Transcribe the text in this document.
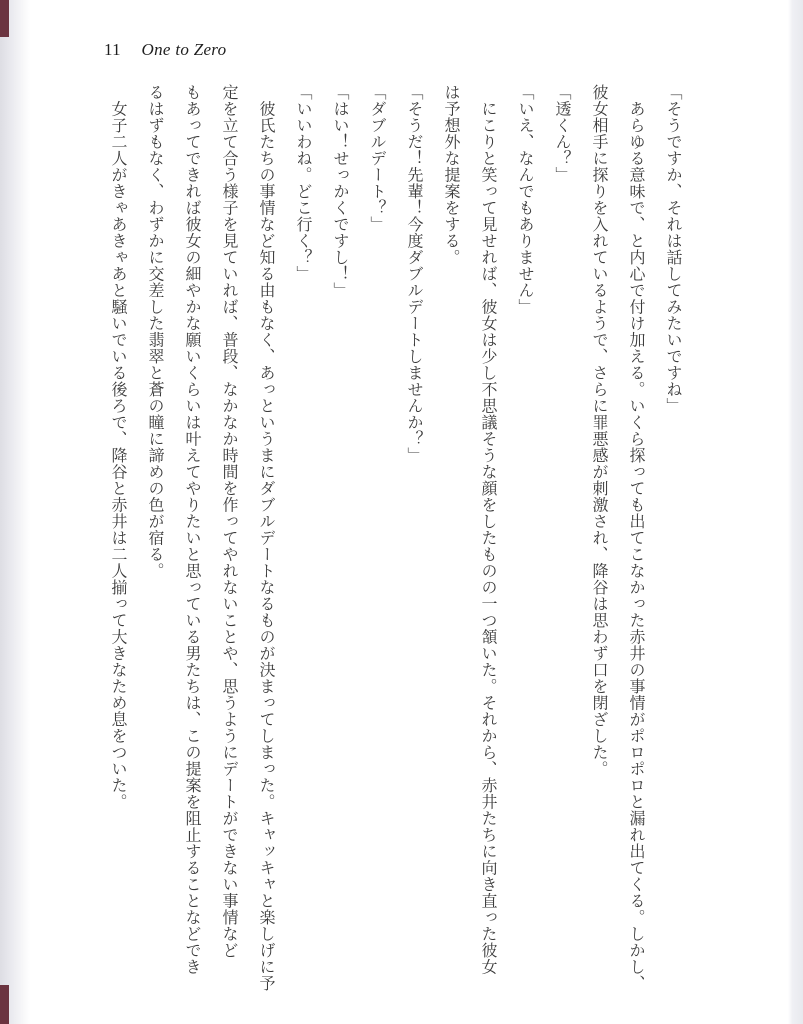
11 One to Zero

「そうですか、それは話してみたいですね」

　あらゆる意味で、と内心で付け加える。いくら探っても出てこなかった赤井の事情がポロポロと漏れ出てくる。しかし、

彼女相手に探りを入れているようで、さらに罪悪感が刺激され、降谷は思わず口を閉ざした。

「透くん？」

「いえ、なんでもありません」

　にこりと笑って見せれば、彼女は少し不思議そうな顔をしたものの一つ頷いた。それから、赤井たちに向き直った彼女

は予想外な提案をする。

「そうだ！先輩！今度ダブルデートしませんか？」

「ダブルデート？」

「はい！せっかくですし！」

「いいわね。どこ行く？」

　彼氏たちの事情など知る由もなく、あっというまにダブルデートなるものが決まってしまった。キャッキャと楽しげに予

定を立て合う様子を見ていれば、普段、なかなか時間を作ってやれないことや、思うようにデートができない事情など

もあってできれば彼女の細やかな願いくらいは叶えてやりたいと思っている男たちは、この提案を阻止することなどでき

るはずもなく、わずかに交差した翡翠と蒼の瞳に諦めの色が宿る。

　女子二人がきゃあきゃあと騒いでいる後ろで、降谷と赤井は二人揃って大きなため息をついた。
